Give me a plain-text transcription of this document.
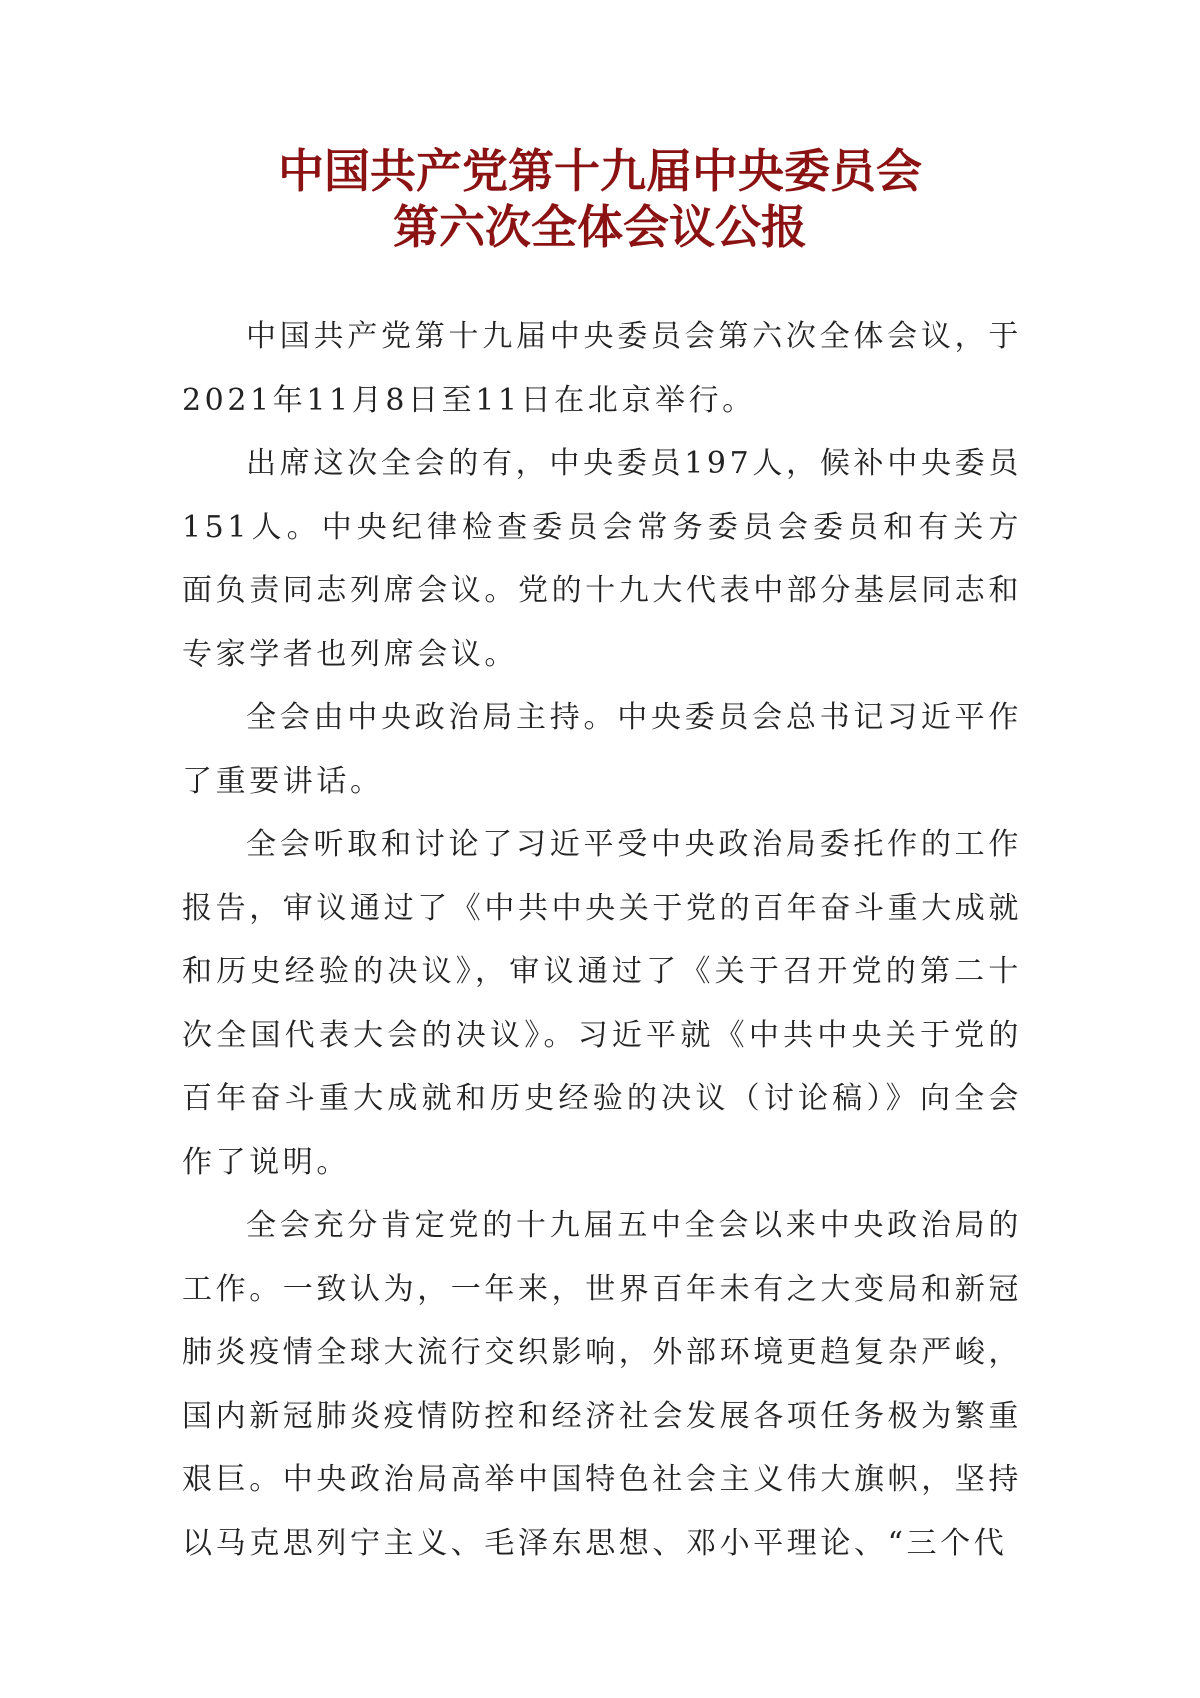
中国共产党第十九届中央委员会
第六次全体会议公报

中国共产党第十九届中央委员会第六次全体会议，于2021年11月8日至11日在北京举行。

出席这次全会的有，中央委员197人，候补中央委员151人。中央纪律检查委员会常务委员会委员和有关方面负责同志列席会议。党的十九大代表中部分基层同志和专家学者也列席会议。

全会由中央政治局主持。中央委员会总书记习近平作了重要讲话。

全会听取和讨论了习近平受中央政治局委托作的工作报告，审议通过了《中共中央关于党的百年奋斗重大成就和历史经验的决议》，审议通过了《关于召开党的第二十次全国代表大会的决议》。习近平就《中共中央关于党的百年奋斗重大成就和历史经验的决议（讨论稿）》向全会作了说明。

全会充分肯定党的十九届五中全会以来中央政治局的工作。一致认为，一年来，世界百年未有之大变局和新冠肺炎疫情全球大流行交织影响，外部环境更趋复杂严峻，国内新冠肺炎疫情防控和经济社会发展各项任务极为繁重艰巨。中央政治局高举中国特色社会主义伟大旗帜，坚持以马克思列宁主义、毛泽东思想、邓小平理论、“三个代
